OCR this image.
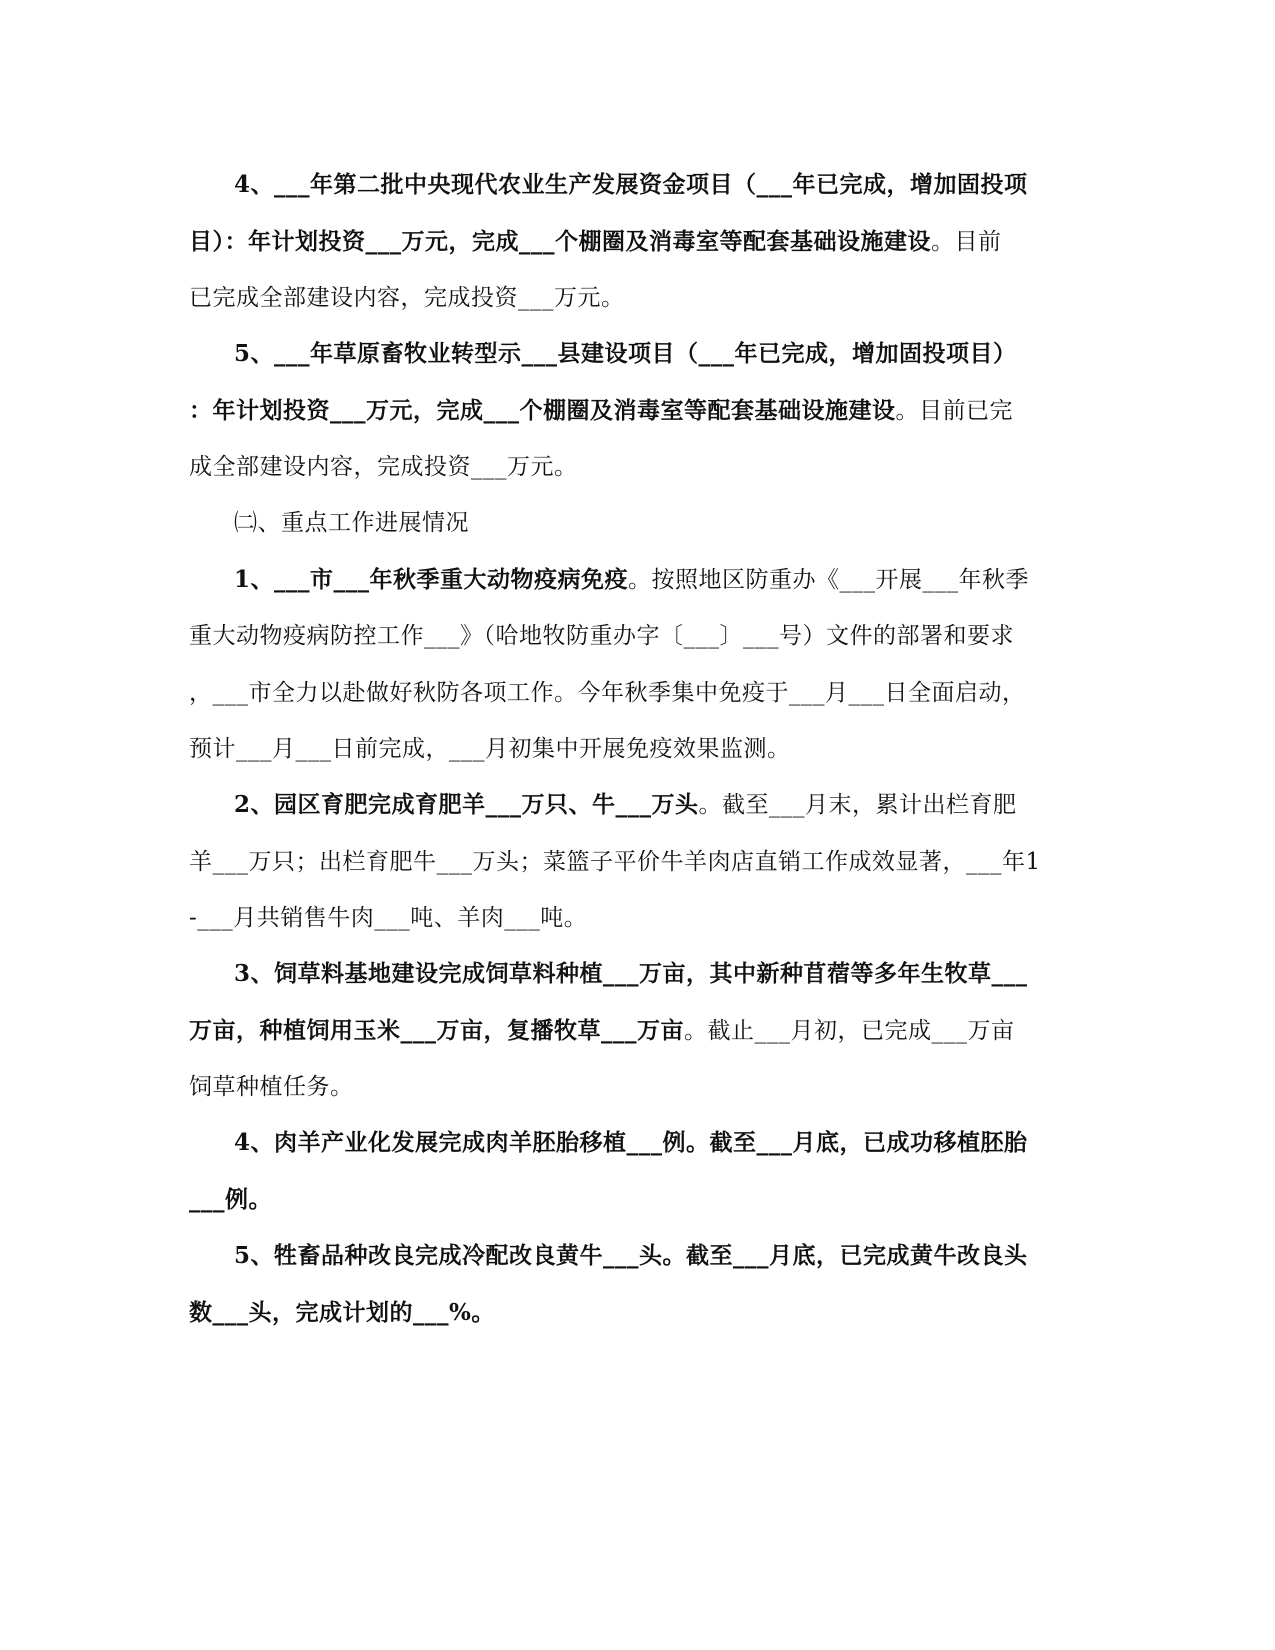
4、___年第二批中央现代农业生产发展资金项目（___年已完成，增加固投项
目）：年计划投资___万元，完成___个棚圈及消毒室等配套基础设施建设。目前
已完成全部建设内容，完成投资___万元。
5、___年草原畜牧业转型示___县建设项目（___年已完成，增加固投项目）
：年计划投资___万元，完成___个棚圈及消毒室等配套基础设施建设。目前已完
成全部建设内容，完成投资___万元。
㈡、重点工作进展情况
1、___市___年秋季重大动物疫病免疫。按照地区防重办《___开展___年秋季
重大动物疫病防控工作___》（哈地牧防重办字〔___〕___号）文件的部署和要求
，___市全力以赴做好秋防各项工作。今年秋季集中免疫于___月___日全面启动，
预计___月___日前完成，___月初集中开展免疫效果监测。
2、园区育肥完成育肥羊___万只、牛___万头。截至___月末，累计出栏育肥
羊___万只；出栏育肥牛___万头；菜篮子平价牛羊肉店直销工作成效显著，___年1
-___月共销售牛肉___吨、羊肉___吨。
3、饲草料基地建设完成饲草料种植___万亩，其中新种苜蓿等多年生牧草___
万亩，种植饲用玉米___万亩，复播牧草___万亩。截止___月初，已完成___万亩
饲草种植任务。
4、肉羊产业化发展完成肉羊胚胎移植___例。截至___月底，已成功移植胚胎
___例。
5、牲畜品种改良完成冷配改良黄牛___头。截至___月底，已完成黄牛改良头
数___头，完成计划的___%。
